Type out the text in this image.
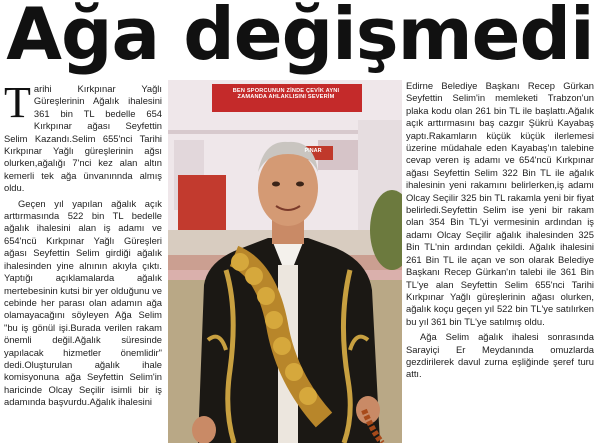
Ağa değişmedi

Tarihi Kırkpınar Yağlı Güreşlerinin Ağalık ihalesini 361 bin TL bedelle 654 Kırkpınar ağası Seyfettin Selim Kazandı.Selim 655'nci Tarihi Kırkpınar Yağlı güreşlerinin ağsı olurken,ağalığı 7'nci kez alan altın kemerli tek ağa ünvanınnda almış oldu.

Geçen yıl yapılan ağalık açık arttırmasında 522 bin TL bedelle ağalık ihalesini alan iş adamı ve 654'ncü Kırkpınar Yağlı Güreşleri ağası Seyfettin Selim girdiği ağalık ihalesinden yine alnının akıyla çıktı. Yaptığı açıklamalarda ağalık mertebesinin kutsi bir yer olduğunu ve cebinde her parası olan adamın ağa olamayacağını söyleyen Ağa Selim "bu iş gönül işi.Burada verilen rakam önemli değil.Ağalık süresinde yapılacak hizmetler önemlidir" dedi.Oluşturulan ağalık ihale komisyonuna ağa Seyfettin Selim'in haricinde Olcay Seçilir isimli bir iş adamında başvurdu.Ağalık ihalesini

BEN SPORCUNUN ZİNDE ÇEVİK AYNI ZAMANDA AHLAKLISINI SEVERİM
PINAR

Edirne Belediye Başkanı Recep Gürkan Seyfettin Selim'in memleketi Trabzon'un plaka kodu olan 261 bin TL ile başlattı.Ağalık açık arttırmasını baş cazgır Şükrü Kayabaş yaptı.Rakamların küçük küçük ilerlemesi üzerine müdahale eden Kayabaş'ın talebine cevap veren iş adamı ve 654'ncü Kırkpınar ağası Seyfettin Selim 322 Bin TL ile ağalık ihalesinin yeni rakamını belirlerken,iş adamı Olcay Seçilir 325 bin TL rakamla yeni bir fiyat belirledi.Seyfettin Selim ise yeni bir rakam olan 354 Bin TL'yi vermesinin ardından iş adamı Olcay Seçilir ağalık ihalesinden 325 Bin TL'nin ardından çekildi. Ağalık ihalesini 261 Bin TL ile açan ve son olarak Belediye Başkanı Recep Gürkan'ın talebi ile 361 Bin TL'ye alan Seyfettin Selim 655'nci Tarihi Kırkpınar Yağlı güreşlerinin ağası olurken, ağalık koçu geçen yıl 522 bin TL'ye satılırken bu yıl 361 bin TL'ye satılmış oldu.

Ağa Selim ağalık ihalesi sonrasında Sarayiçi Er Meydanında omuzlarda gezdirilerek davul zurna eşliğinde şeref turu attı.
